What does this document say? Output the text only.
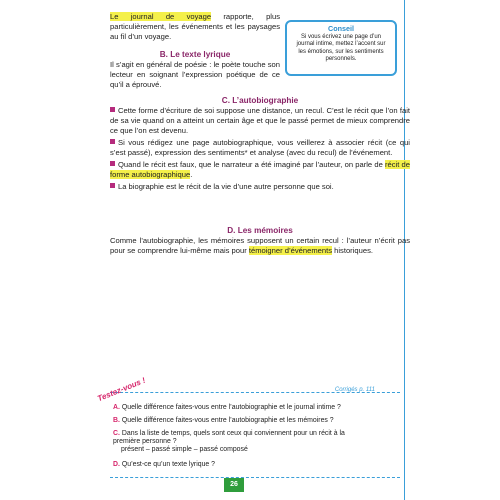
Le journal de voyage rapporte, plus particulièrement, les événements et les paysages au fil d’un voyage.

Conseil
Si vous écrivez une page d’un journal intime, mettez l’accent sur les émotions, sur les sentiments personnels.

B. Le texte lyrique

Il s’agit en général de poésie : le poète touche son lecteur en soignant l’expression poétique de ce qu’il a éprouvé.

C. L’autobiographie

Cette forme d’écriture de soi suppose une distance, un recul. C’est le récit que l’on fait de sa vie quand on a atteint un certain âge et que le passé permet de mieux comprendre ce que l’on est devenu.

Si vous rédigez une page autobiographique, vous veillerez à associer récit (ce qui s’est passé), expression des sentiments* et analyse (avec du recul) de l’événement.

Quand le récit est faux, que le narrateur a été imaginé par l’auteur, on parle de récit de forme autobiographique.

La biographie est le récit de la vie d’une autre personne que soi.

D. Les mémoires

Comme l’autobiographie, les mémoires supposent un certain recul : l’auteur n’écrit pas pour se comprendre lui-même mais pour témoigner d’événements historiques.

Testez-vous !	Corrigés p. 111
A. Quelle différence faites-vous entre l’autobiographie et le journal intime ?
B. Quelle différence faites-vous entre l’autobiographie et les mémoires ?
C. Dans la liste de temps, quels sont ceux qui conviennent pour un récit à la première personne ?
présent – passé simple – passé composé
D. Qu’est-ce qu’un texte lyrique ?
26
